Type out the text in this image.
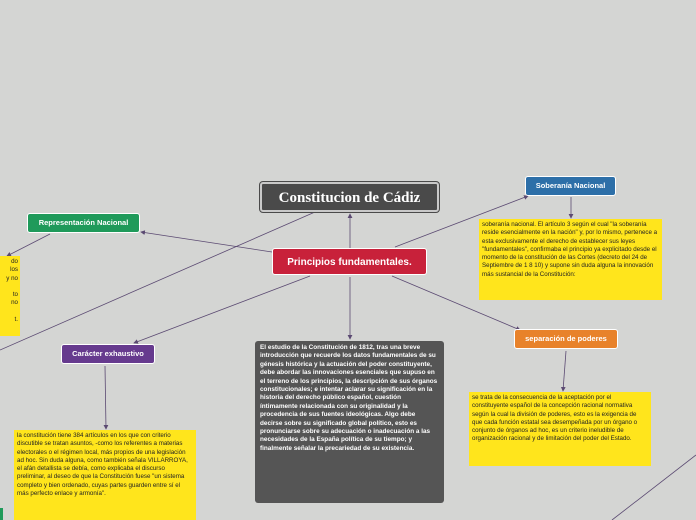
Constitucion de Cádiz
Principios fundamentales.
Soberanía Nacional
Representación Nacional
Carácter exhaustivo
separación de poderes
soberanía nacional. El artículo 3 según el cual "la soberanía reside esencialmente en la nación" y, por lo mismo, pertenece a esta exclusivamente el derecho de establecer sus leyes "fundamentales", confirmaba el principio ya explicitado desde el momento de la constitución de las Cortes (decreto del 24 de Septiembre de 1 8 10) y supone sin duda alguna la innovación más sustancial de la Constitución:
do
los
y no
to
no
t.
El estudio de la Constitución de 1812, tras una breve introducción que recuerde los datos fundamentales de su génesis histórica y la actuación del poder constituyente, debe abordar las innovaciones esenciales que supuso en el terreno de los principios, la descripción de sus órganos constitucionales; e intentar aclarar su significación en la historia del derecho público español, cuestión íntimamente relacionada con su originalidad y la procedencia de sus fuentes ideológicas. Algo debe decirse sobre su significado global político, esto es pronunciarse sobre su adecuación o inadecuación a las necesidades de la España política de su tiempo; y finalmente señalar la precariedad de su existencia.
la constitución tiene 384 artículos en los que con criterio discutible se tratan asuntos, -como los referentes a materias electorales o el régimen local, más propios de una legislación ad hoc. Sin duda alguna, como también señala VILLARROYA, el afán detallista se debía, como explicaba el discurso preliminar, al deseo de que la Constitución fuese "un sistema completo y bien ordenado, cuyas partes guarden entre sí el más perfecto enlace y armonía".
se trata de la consecuencia de la aceptación por el constituyente español de la concepción racional normativa según la cual la división de poderes, esto es la exigencia de que cada función estatal sea desempeñada por un órgano o conjunto de órganos ad hoc, es un criterio ineludible de organización racional y de limitación del poder del Estado.
